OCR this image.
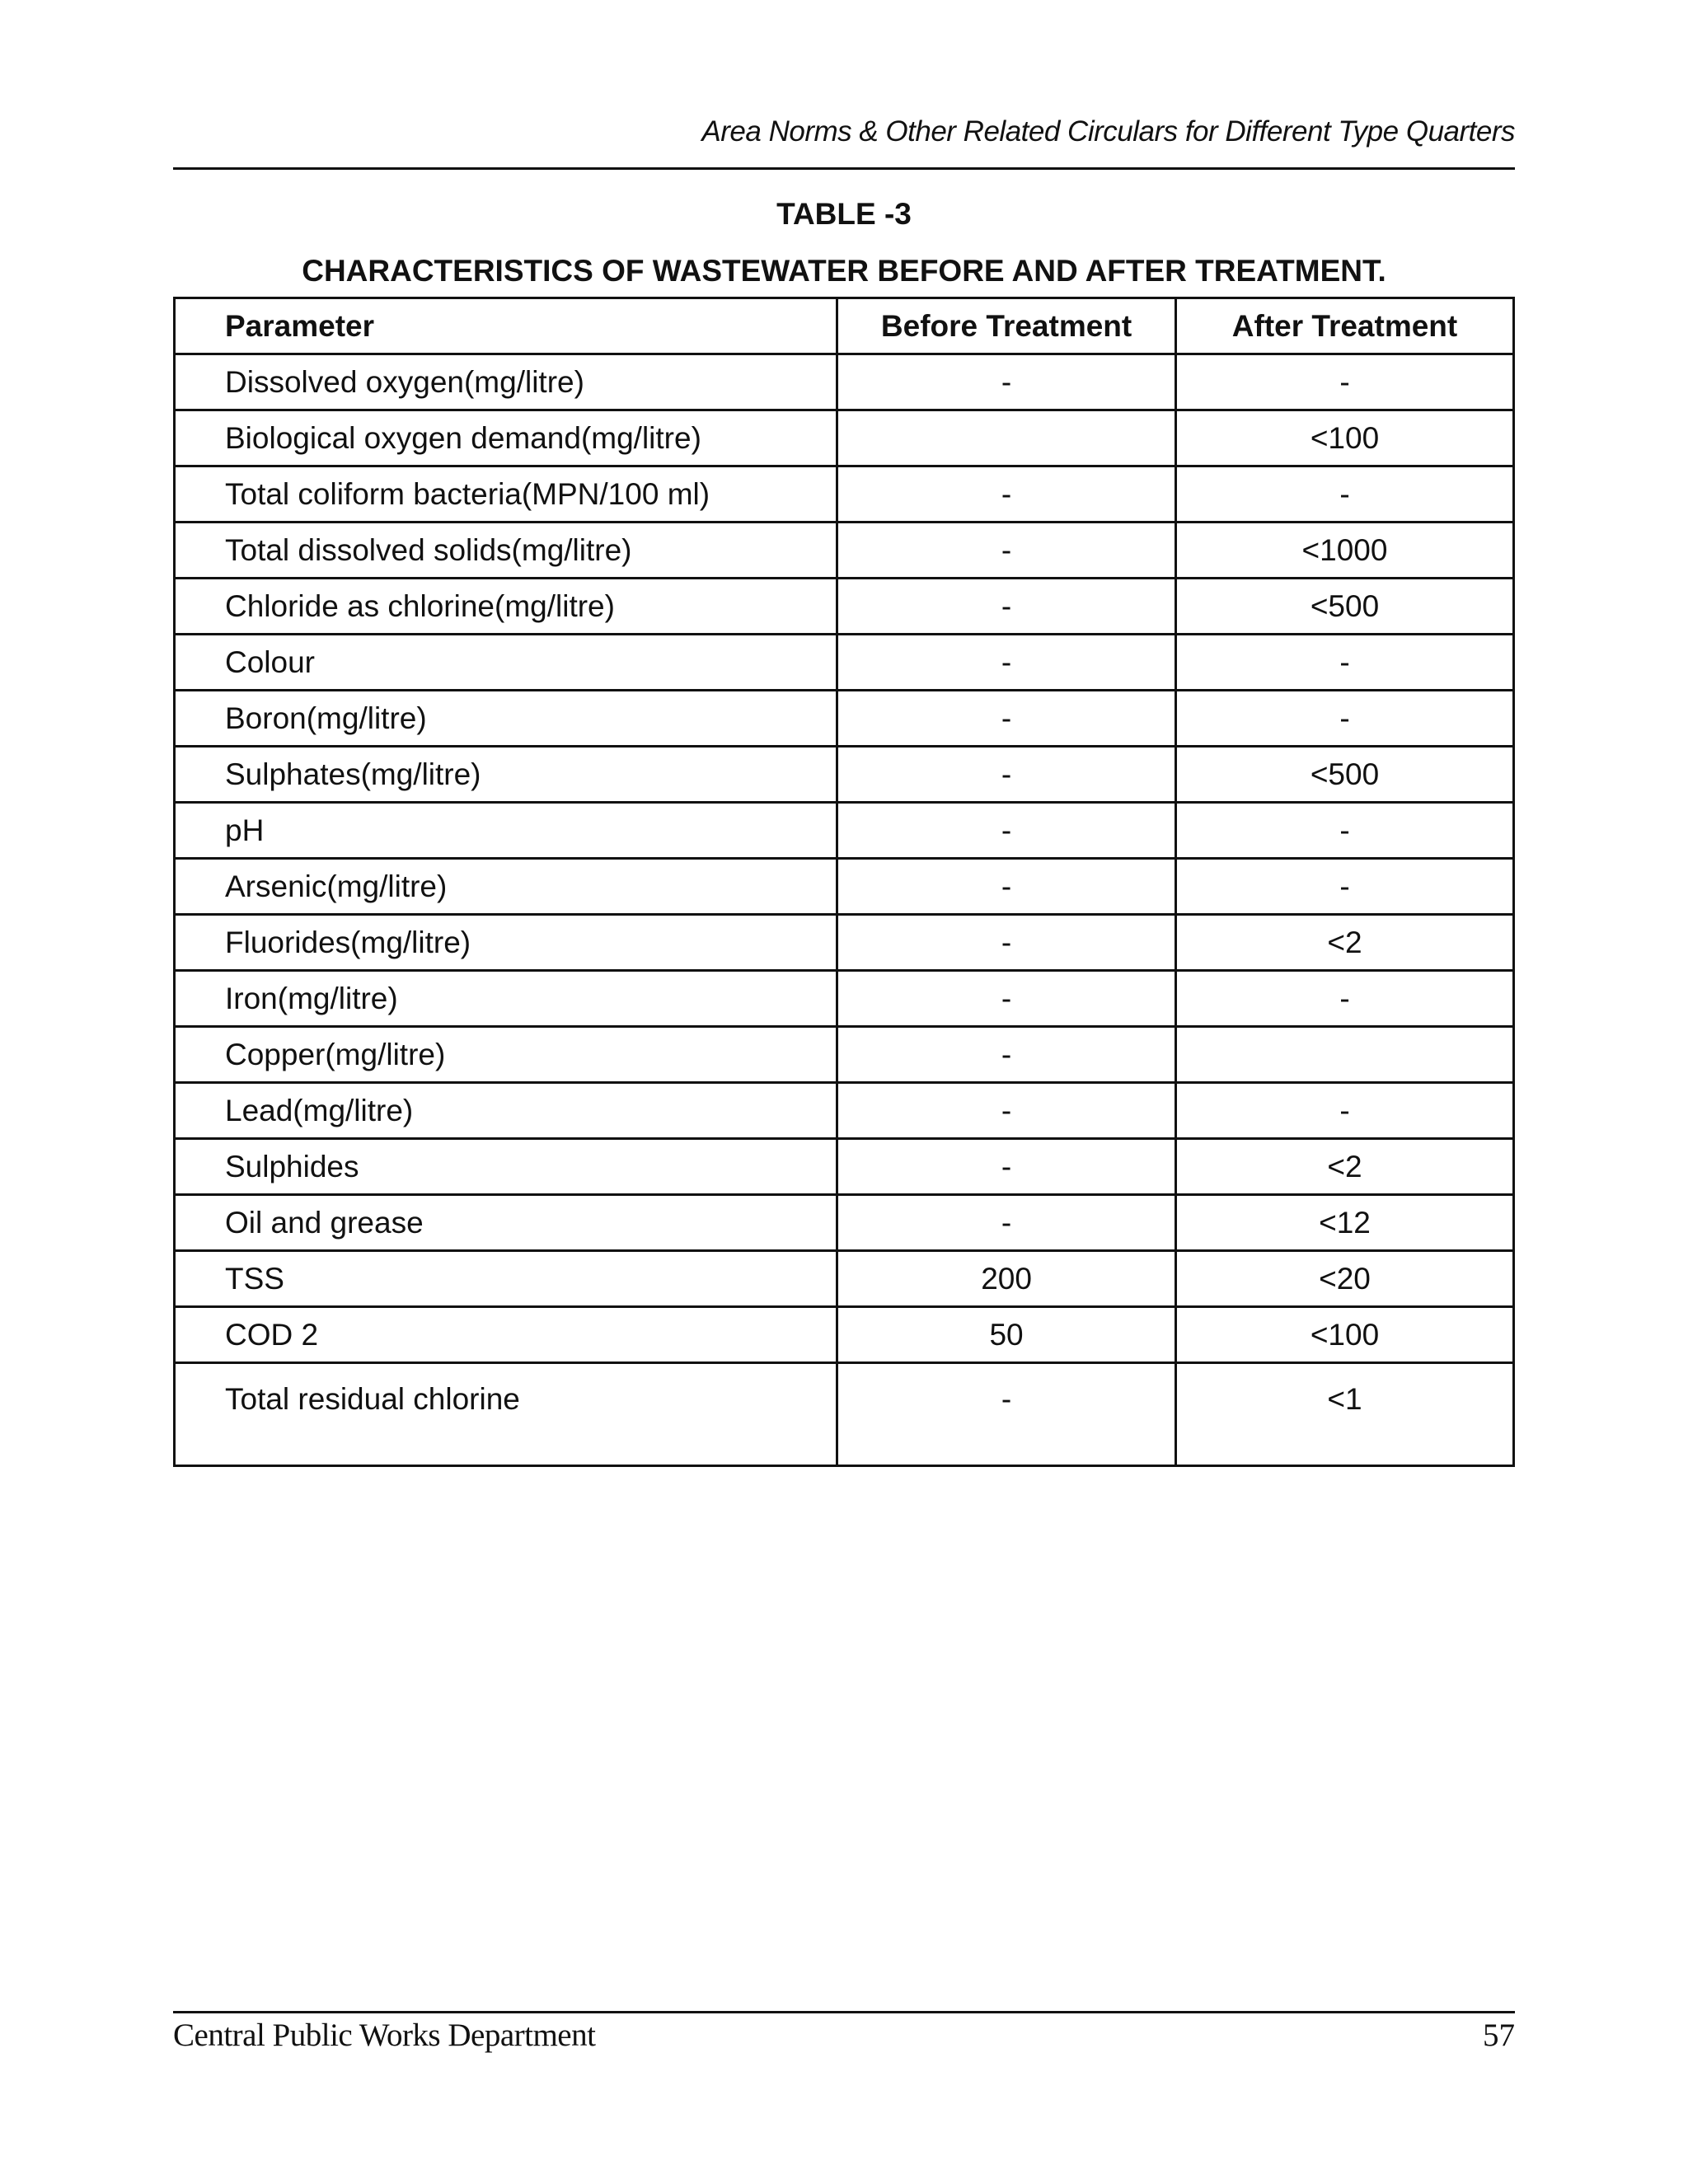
Area Norms & Other Related Circulars for Different Type Quarters
TABLE -3
CHARACTERISTICS OF WASTEWATER BEFORE AND AFTER TREATMENT.
Parameter	Before Treatment	After Treatment
Dissolved oxygen(mg/litre)	-	-
Biological oxygen demand(mg/litre)		<100
Total coliform bacteria(MPN/100 ml)	-	-
Total dissolved solids(mg/litre)	-	<1000
Chloride as chlorine(mg/litre)	-	<500
Colour	-	-
Boron(mg/litre)	-	-
Sulphates(mg/litre)	-	<500
pH	-	-
Arsenic(mg/litre)	-	-
Fluorides(mg/litre)	-	<2
Iron(mg/litre)	-	-
Copper(mg/litre)	-	
Lead(mg/litre)	-	-
Sulphides	-	<2
Oil and grease	-	<12
TSS	200	<20
COD 2	50	<100
Total residual chlorine	-	<1
Central Public Works Department	57
